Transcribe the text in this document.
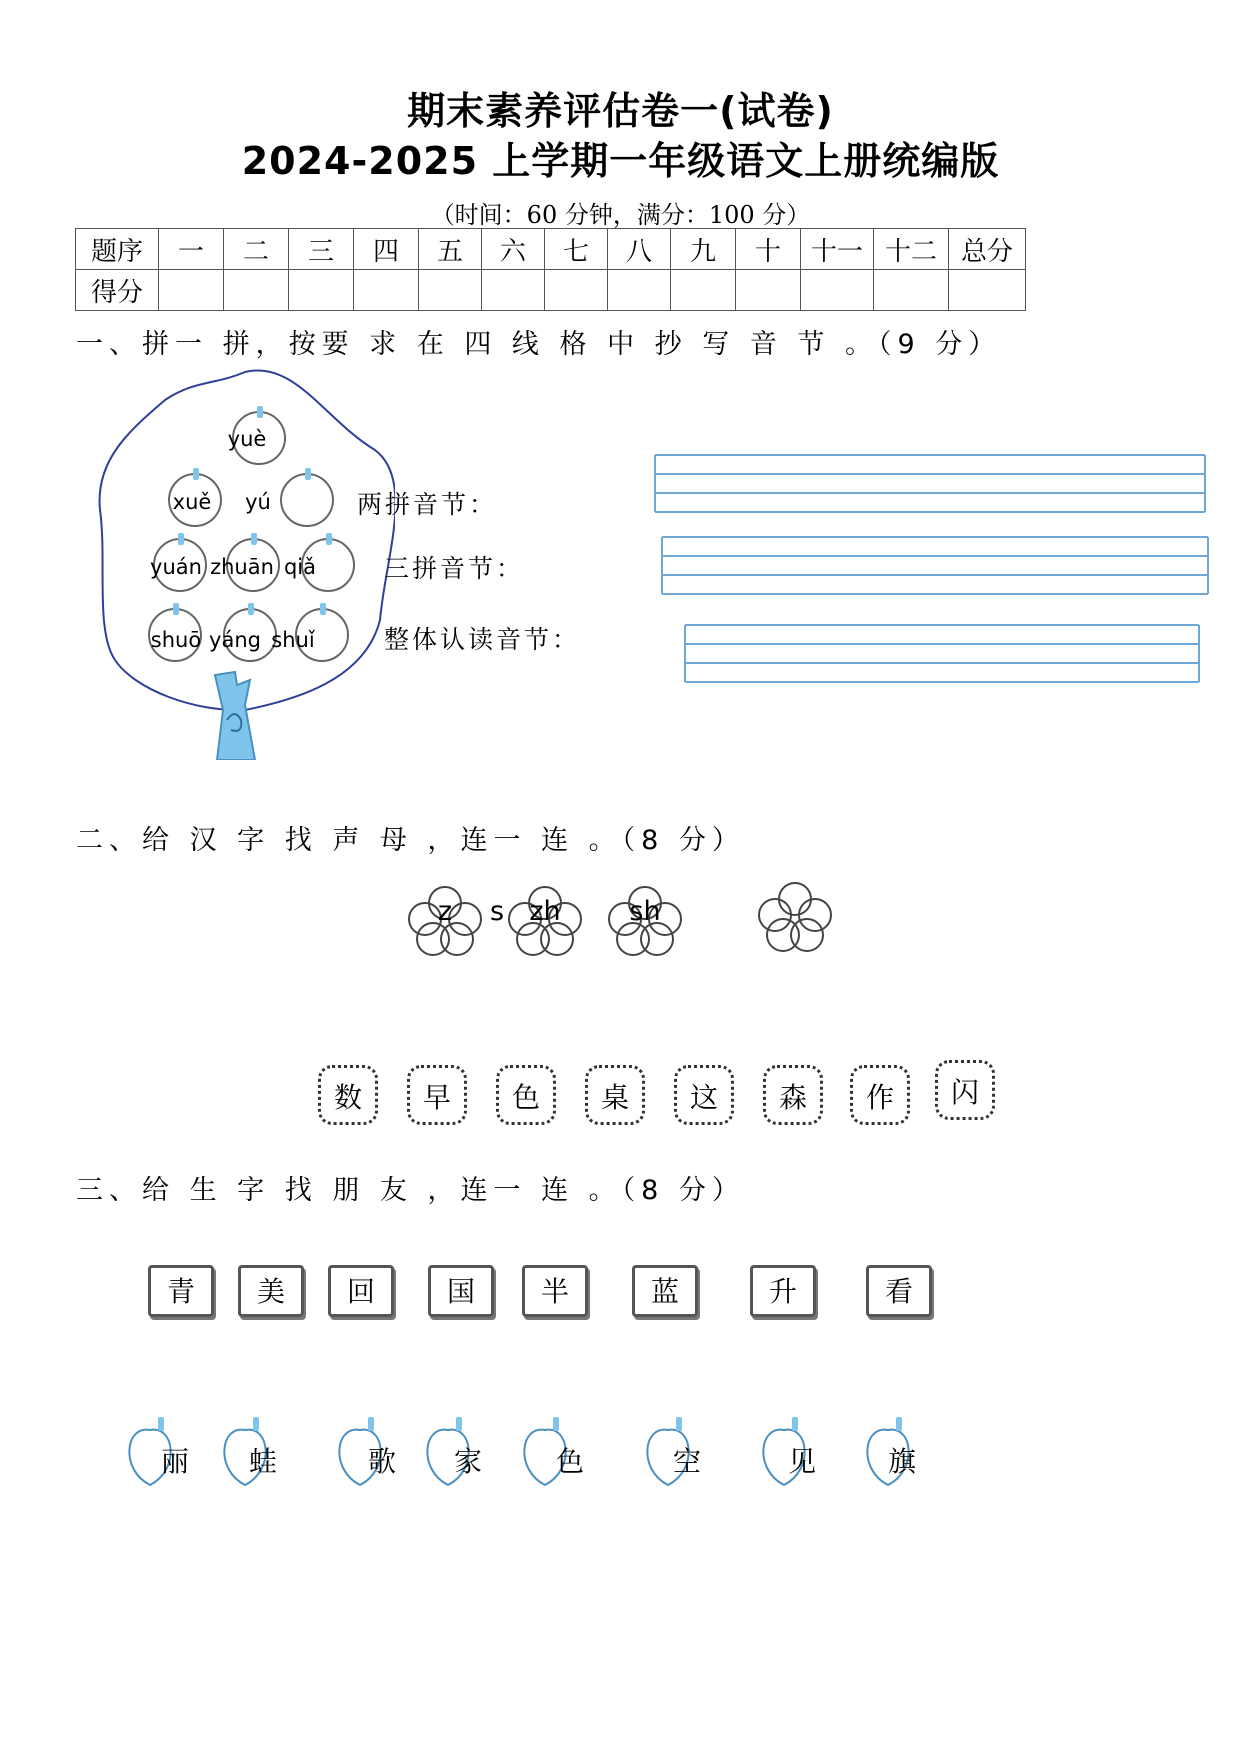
期末素养评估卷一(试卷)
2024-2025 上学期一年级语文上册统编版
（时间：60 分钟，满分：100 分）
题序	一	二	三	四	五	六	七	八	九	十	十一	十二	总分
得分													
一、拼一 拼，按要 求 在 四 线 格 中 抄 写 音 节 。（9 分）
yuè
xuě	yú
yuán zhuān qiǎ
shuō yáng shuǐ
两拼音节：
三拼音节：
整体认读音节：
二、给 汉 字 找 声 母 ，连一 连 。（8 分）
z	s zh	sh
数	早	色	桌	这	森	作	闪
三、给 生 字 找 朋 友 ，连一 连 。（8 分）
青	美	回	国	半	蓝	升	看
丽	蛙	歌	家	色	空	见	旗
